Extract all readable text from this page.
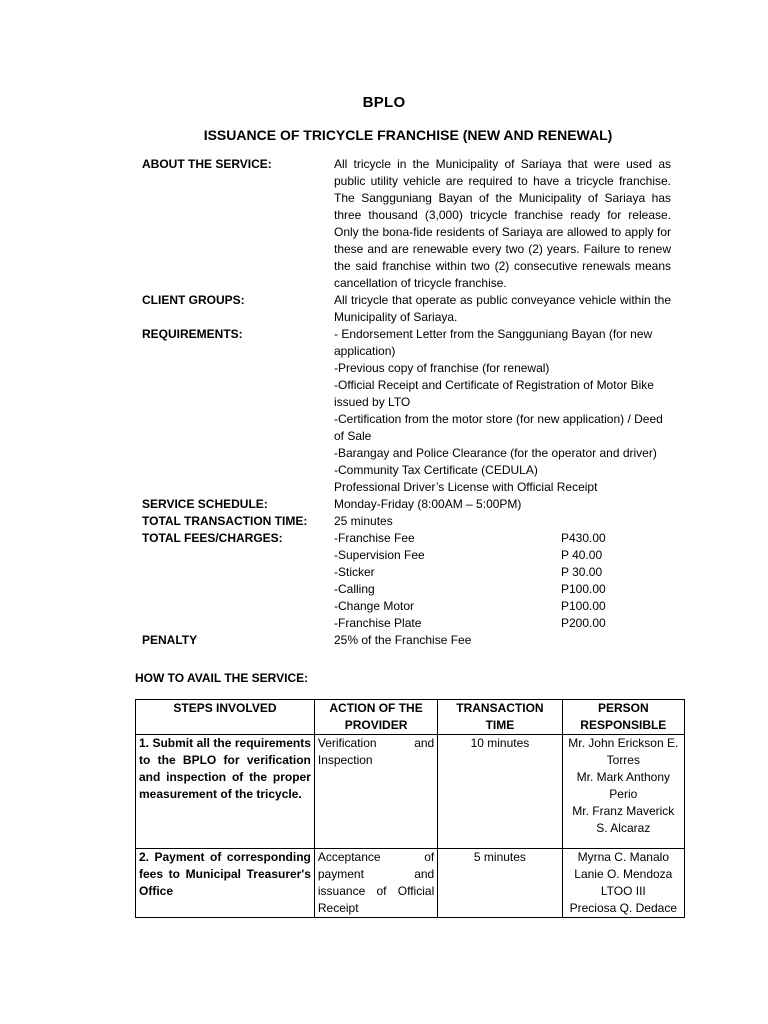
BPLO
ISSUANCE OF TRICYCLE FRANCHISE (NEW AND RENEWAL)
ABOUT THE SERVICE:	All tricycle in the Municipality of Sariaya that were used as public utility vehicle are required to have a tricycle franchise. The Sangguniang Bayan of the Municipality of Sariaya has three thousand (3,000) tricycle franchise ready for release. Only the bona-fide residents of Sariaya are allowed to apply for these and are renewable every two (2) years. Failure to renew the said franchise within two (2) consecutive renewals means cancellation of tricycle franchise.
CLIENT GROUPS:	All tricycle that operate as public conveyance vehicle within the Municipality of Sariaya.
REQUIREMENTS:	- Endorsement Letter from the Sangguniang Bayan (for new application)
-Previous copy of franchise (for renewal)
-Official Receipt and Certificate of Registration of Motor Bike issued by LTO
-Certification from the motor store (for new application) / Deed of Sale
-Barangay and Police Clearance (for the operator and driver)
-Community Tax Certificate (CEDULA)
Professional Driver’s License with Official Receipt
SERVICE SCHEDULE:	Monday-Friday (8:00AM – 5:00PM)
TOTAL TRANSACTION TIME:	25 minutes
TOTAL FEES/CHARGES:	-Franchise Fee	P430.00
-Supervision Fee	P 40.00
-Sticker	P 30.00
-Calling	P100.00
-Change Motor	P100.00
-Franchise Plate	P200.00
PENALTY	25% of the Franchise Fee
HOW TO AVAIL THE SERVICE:
STEPS INVOLVED	ACTION OF THE PROVIDER	TRANSACTION TIME	PERSON RESPONSIBLE
1. Submit all the requirements to the BPLO for verification and inspection of the proper measurement of the tricycle.	Verification and Inspection	10 minutes	Mr. John Erickson E. Torres
Mr. Mark Anthony Perio
Mr. Franz Maverick S. Alcaraz

2. Payment of corresponding fees to Municipal Treasurer's Office	Acceptance of payment and issuance of Official Receipt	5 minutes	Myrna C. Manalo
Lanie O. Mendoza
LTOO III
Preciosa Q. Dedace
